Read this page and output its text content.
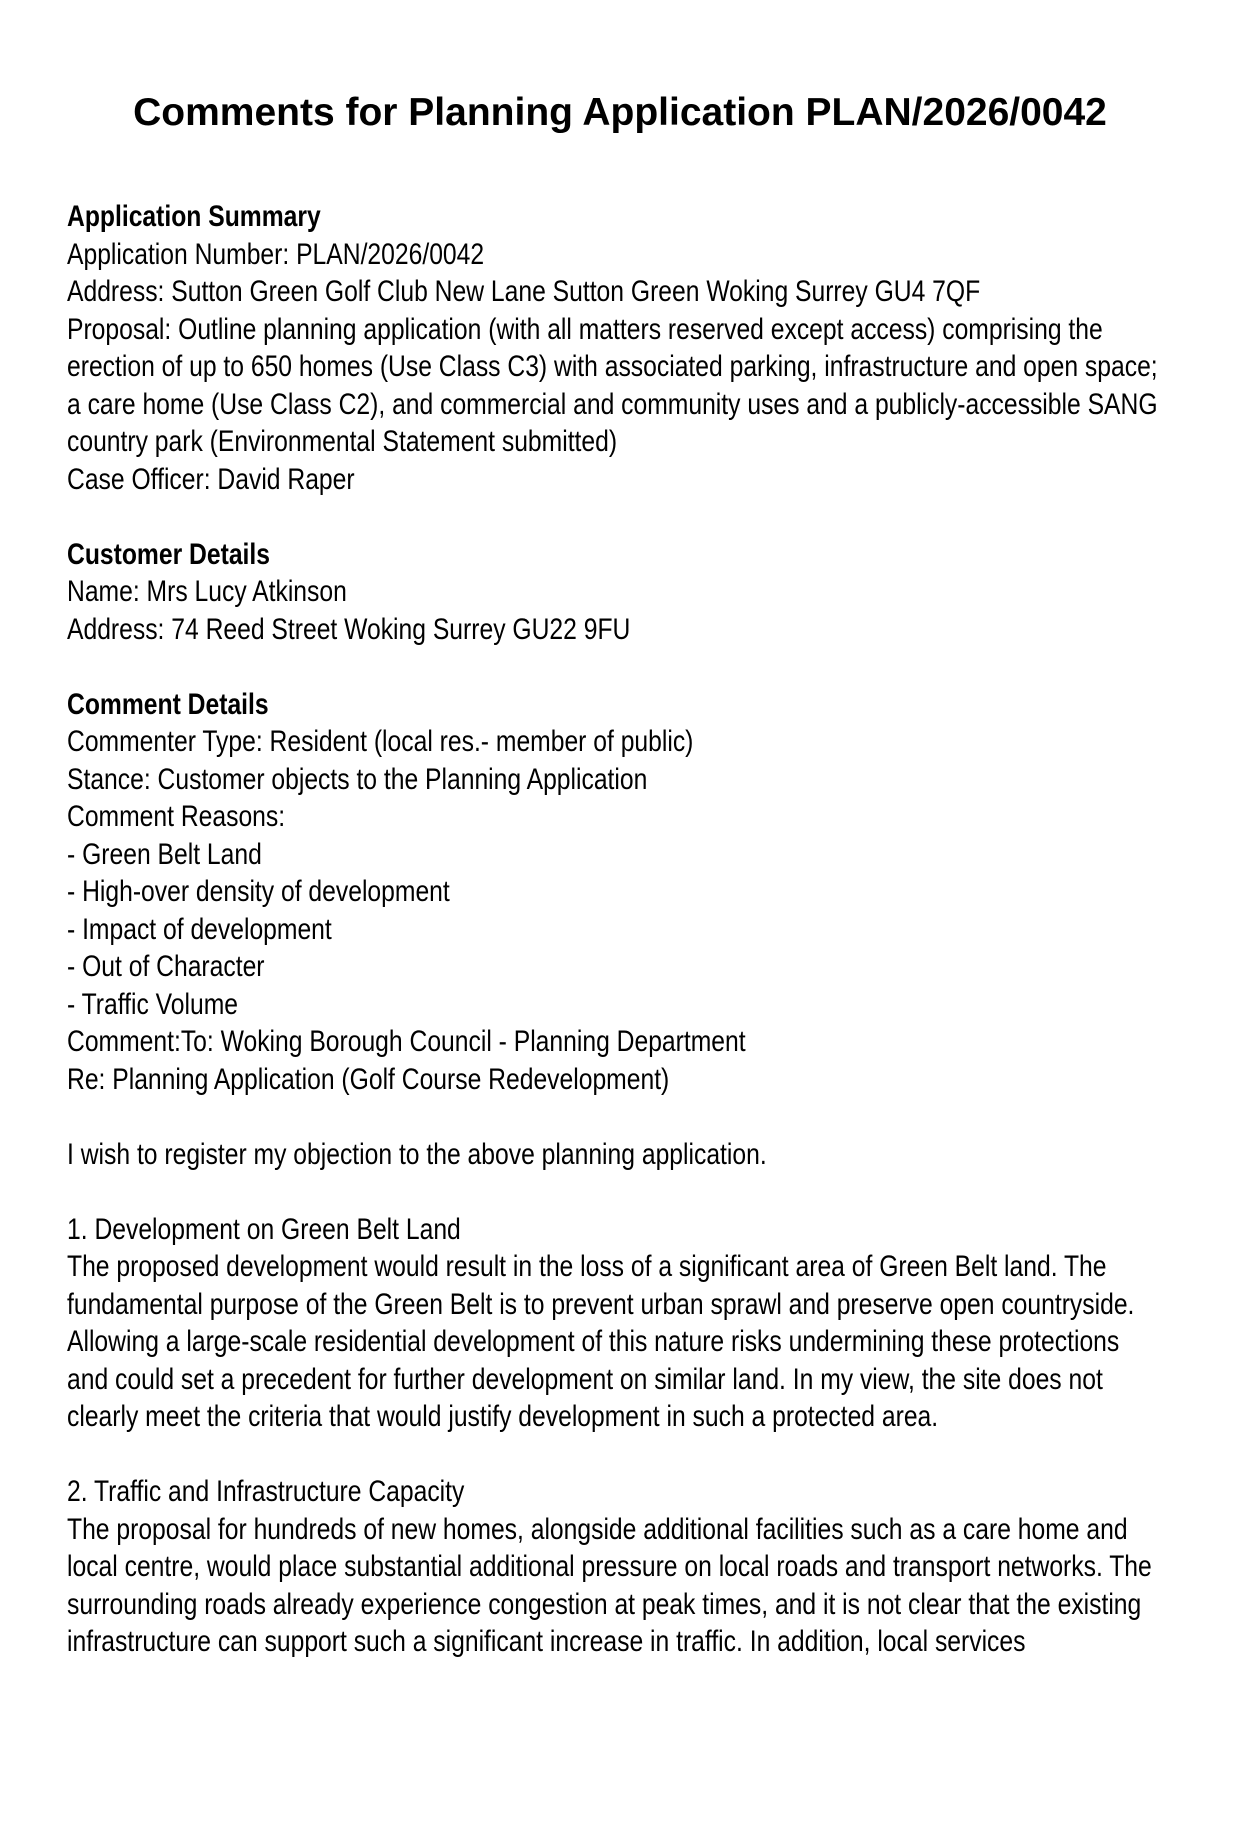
Comments for Planning Application PLAN/2026/0042

Application Summary

Application Number: PLAN/2026/0042

Address: Sutton Green Golf Club New Lane Sutton Green Woking Surrey GU4 7QF

Proposal: Outline planning application (with all matters reserved except access) comprising the erection of up to 650 homes (Use Class C3) with associated parking, infrastructure and open space; a care home (Use Class C2), and commercial and community uses and a publicly-accessible SANG country park (Environmental Statement submitted)

Case Officer: David Raper

Customer Details

Name: Mrs Lucy Atkinson

Address: 74 Reed Street Woking Surrey GU22 9FU

Comment Details

Commenter Type: Resident (local res.- member of public)

Stance: Customer objects to the Planning Application

Comment Reasons:

- Green Belt Land

- High-over density of development

- Impact of development

- Out of Character

- Traffic Volume

Comment:To: Woking Borough Council - Planning Department

Re: Planning Application (Golf Course Redevelopment)

I wish to register my objection to the above planning application.

1. Development on Green Belt Land

The proposed development would result in the loss of a significant area of Green Belt land. The fundamental purpose of the Green Belt is to prevent urban sprawl and preserve open countryside. Allowing a large-scale residential development of this nature risks undermining these protections and could set a precedent for further development on similar land. In my view, the site does not clearly meet the criteria that would justify development in such a protected area.

2. Traffic and Infrastructure Capacity

The proposal for hundreds of new homes, alongside additional facilities such as a care home and local centre, would place substantial additional pressure on local roads and transport networks. The surrounding roads already experience congestion at peak times, and it is not clear that the existing infrastructure can support such a significant increase in traffic. In addition, local services
